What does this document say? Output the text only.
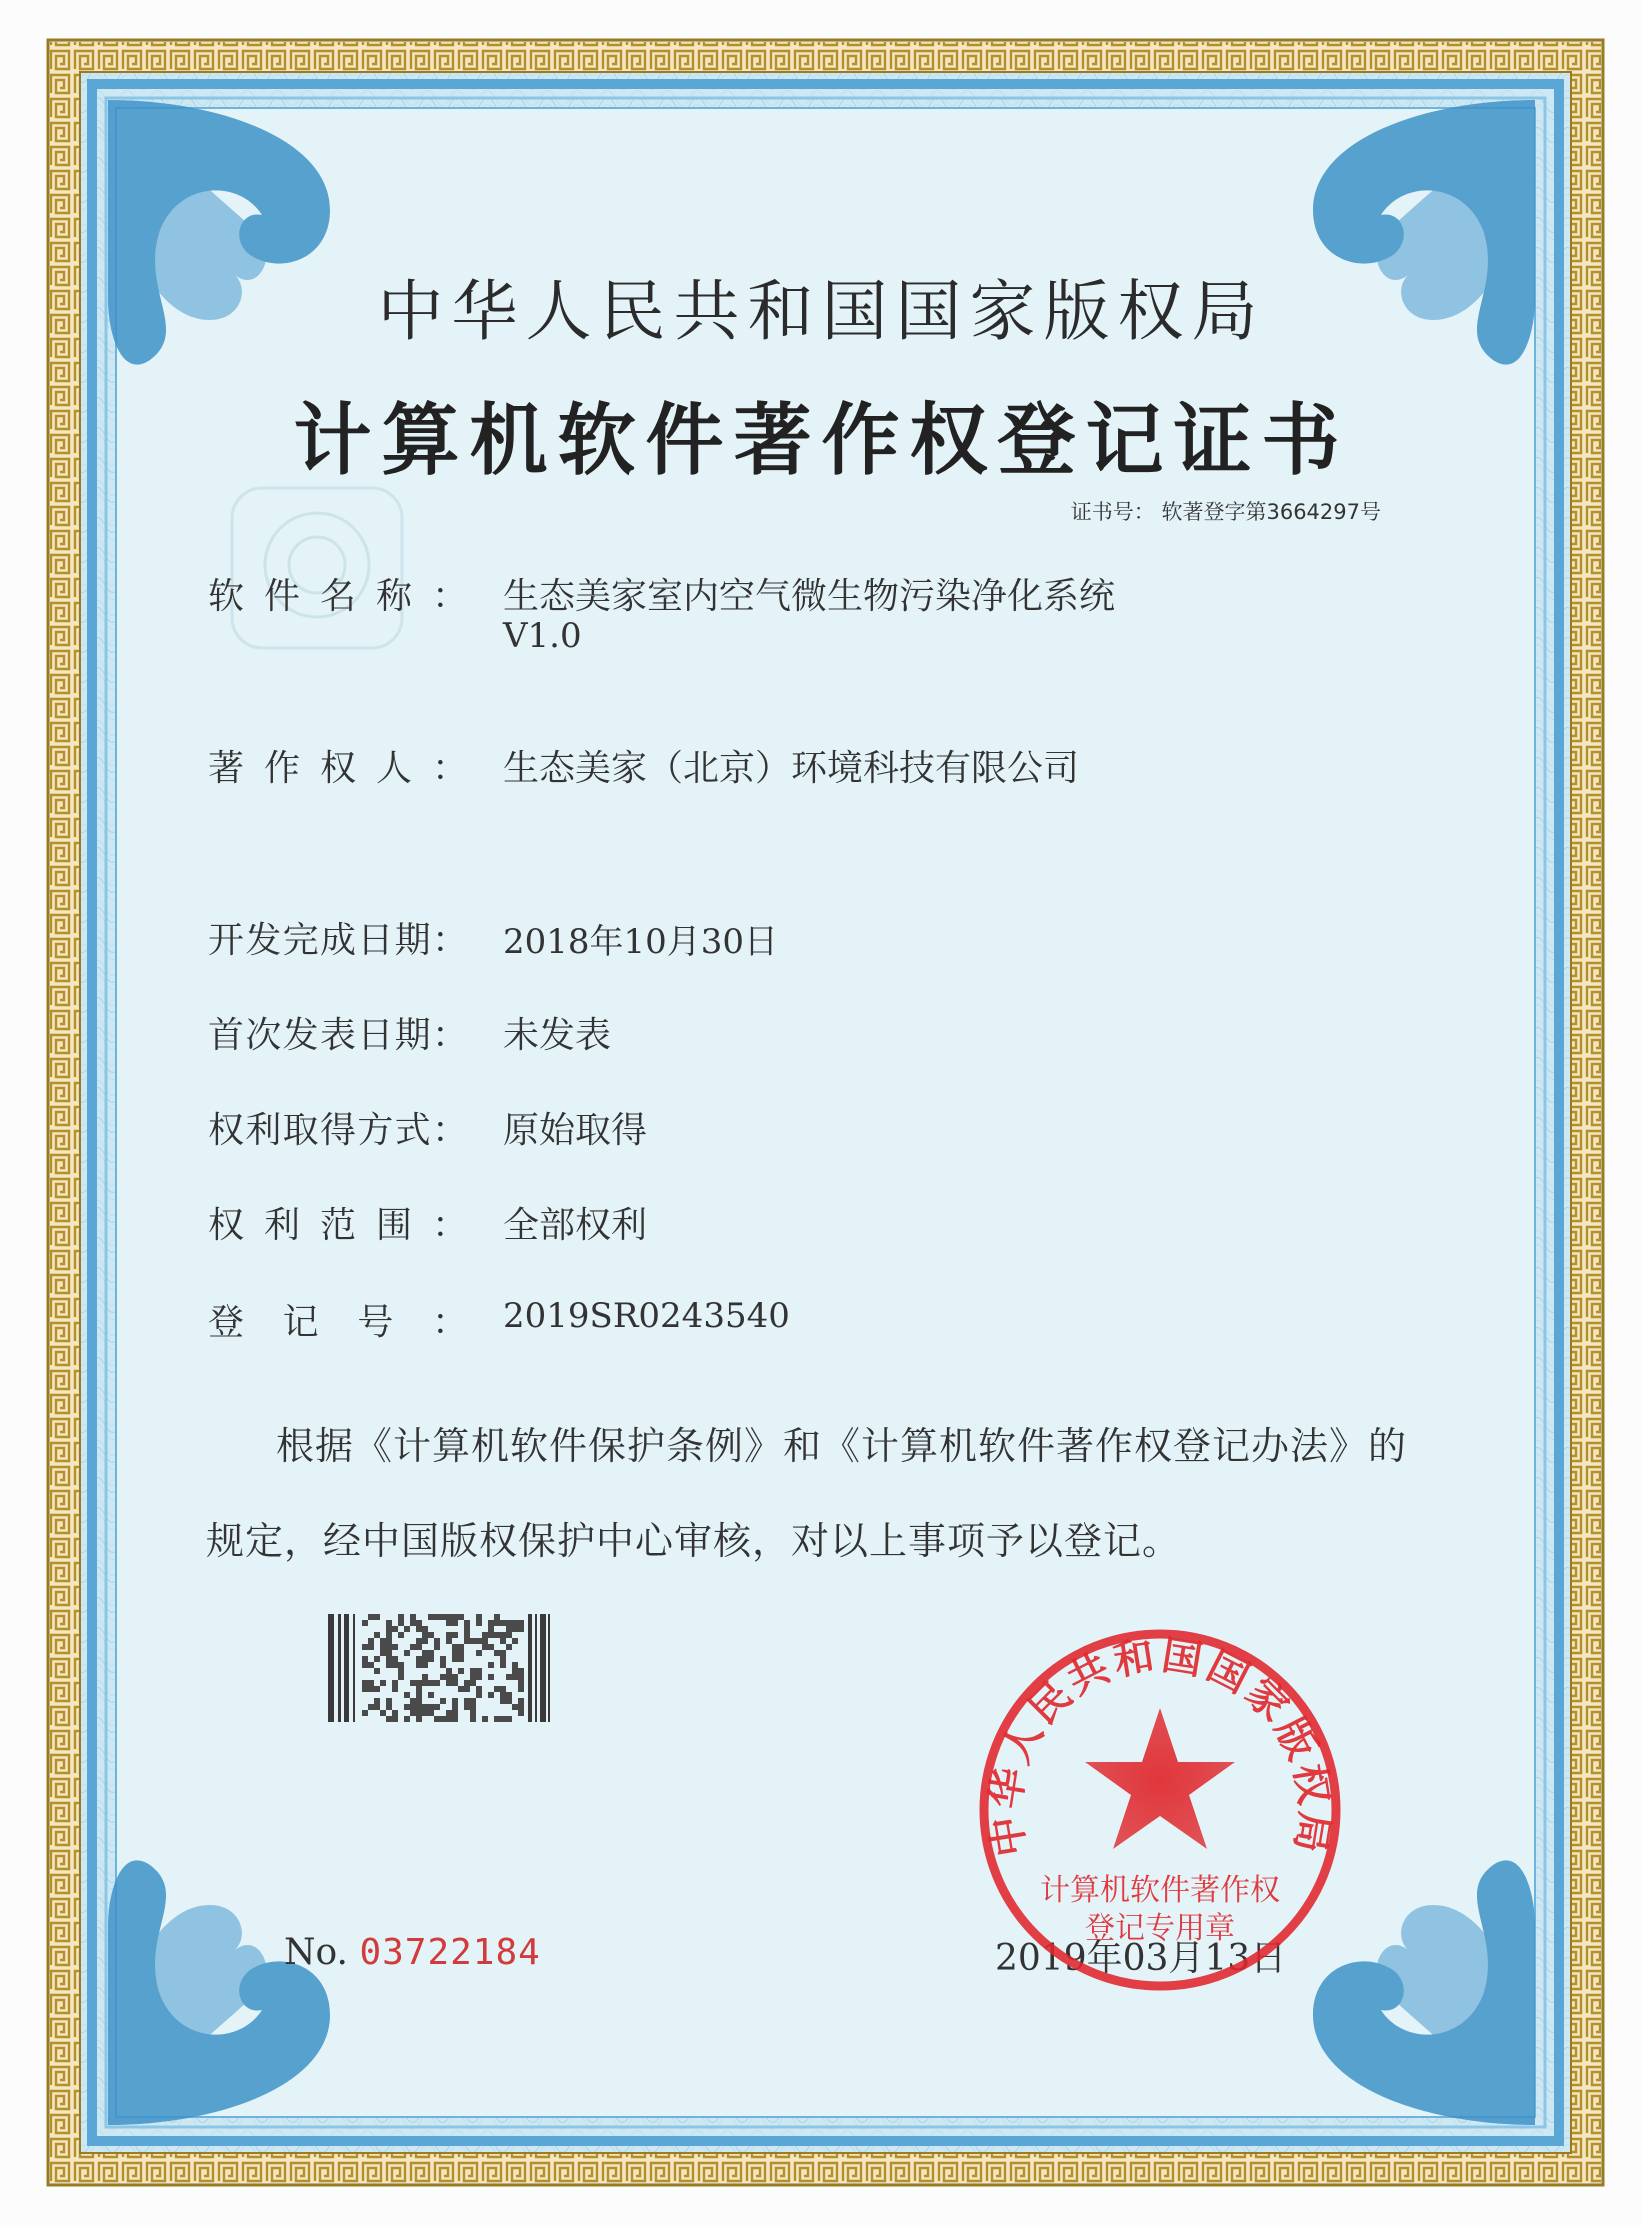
中华人民共和国国家版权局

计算机软件著作权登记证书

证书号： 软著登字第3664297号

软件名称： 生态美家室内空气微生物污染净化系统
V1.0
著作权人： 生态美家（北京）环境科技有限公司
开发完成日期： 2018年10月30日
首次发表日期： 未发表
权利取得方式： 原始取得
权利范围： 全部权利
登记号： 2019SR0243540

根据《计算机软件保护条例》和《计算机软件著作权登记办法》的

规定，经中国版权保护中心审核，对以上事项予以登记。

No. 03722184	2019年03月13日

中华人民共和国国家版权局
计算机软件著作权
登记专用章
